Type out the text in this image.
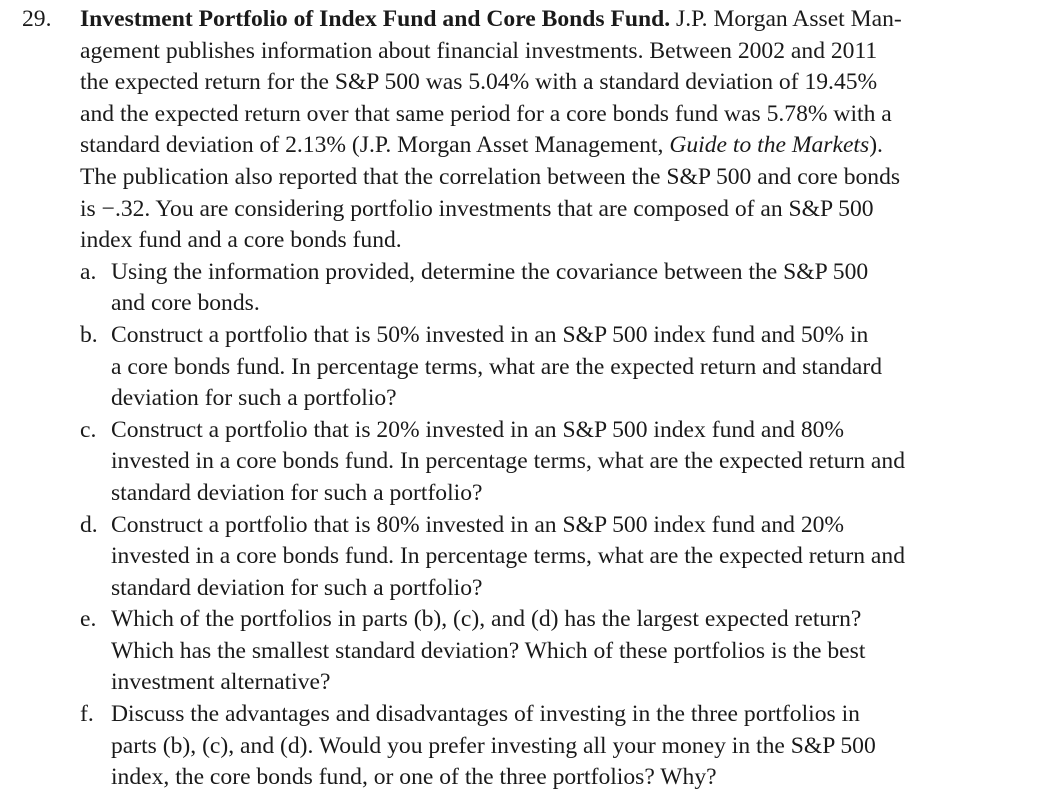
29.	Investment Portfolio of Index Fund and Core Bonds Fund. J.P. Morgan Asset Man-
agement publishes information about financial investments. Between 2002 and 2011
the expected return for the S&P 500 was 5.04% with a standard deviation of 19.45%
and the expected return over that same period for a core bonds fund was 5.78% with a
standard deviation of 2.13% (J.P. Morgan Asset Management, Guide to the Markets).
The publication also reported that the correlation between the S&P 500 and core bonds
is −.32. You are considering portfolio investments that are composed of an S&P 500
index fund and a core bonds fund.
a. Using the information provided, determine the covariance between the S&P 500
and core bonds.
b. Construct a portfolio that is 50% invested in an S&P 500 index fund and 50% in
a core bonds fund. In percentage terms, what are the expected return and standard
deviation for such a portfolio?
c. Construct a portfolio that is 20% invested in an S&P 500 index fund and 80%
invested in a core bonds fund. In percentage terms, what are the expected return and
standard deviation for such a portfolio?
d. Construct a portfolio that is 80% invested in an S&P 500 index fund and 20%
invested in a core bonds fund. In percentage terms, what are the expected return and
standard deviation for such a portfolio?
e. Which of the portfolios in parts (b), (c), and (d) has the largest expected return?
Which has the smallest standard deviation? Which of these portfolios is the best
investment alternative?
f. Discuss the advantages and disadvantages of investing in the three portfolios in
parts (b), (c), and (d). Would you prefer investing all your money in the S&P 500
index, the core bonds fund, or one of the three portfolios? Why?
